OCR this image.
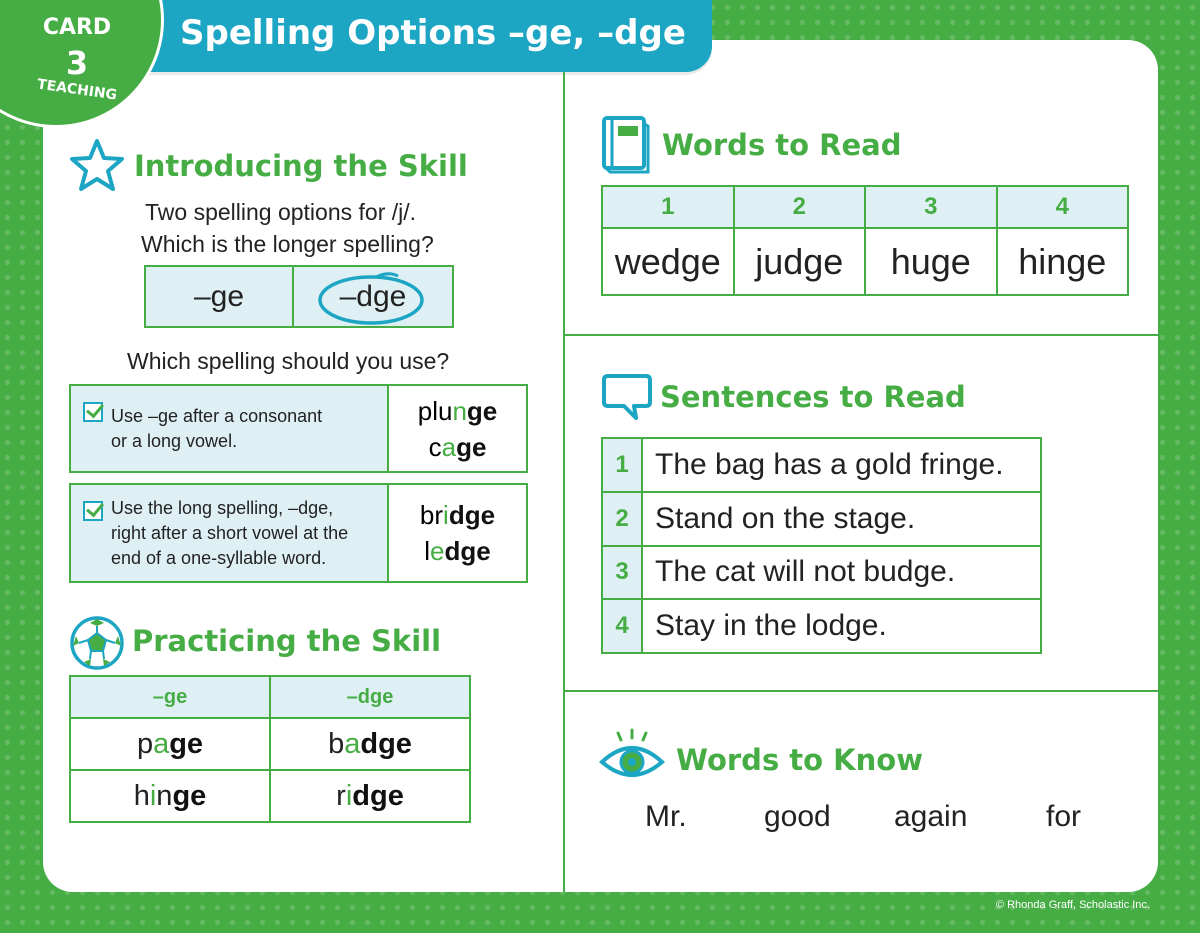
Spelling Options –ge, –dge
CARD
3
TEACHING
Introducing the Skill
Two spelling options for /j/.
Which is the longer spelling?
–ge	–dge
Which spelling should you use?
Use –ge after a consonant
or a long vowel.

plunge
cage
Use the long spelling, –dge,
right after a short vowel at the
end of a one-syllable word.

bridge
ledge
Practicing the Skill
–ge	–dge
page	badge
hinge	ridge
Words to Read
1	2	3	4
wedge	judge	huge	hinge
Sentences to Read
1	The bag has a gold fringe.
2	Stand on the stage.
3	The cat will not budge.
4	Stay in the lodge.
Words to Know
Mr.	good again	for
© Rhonda Graff, Scholastic Inc.
